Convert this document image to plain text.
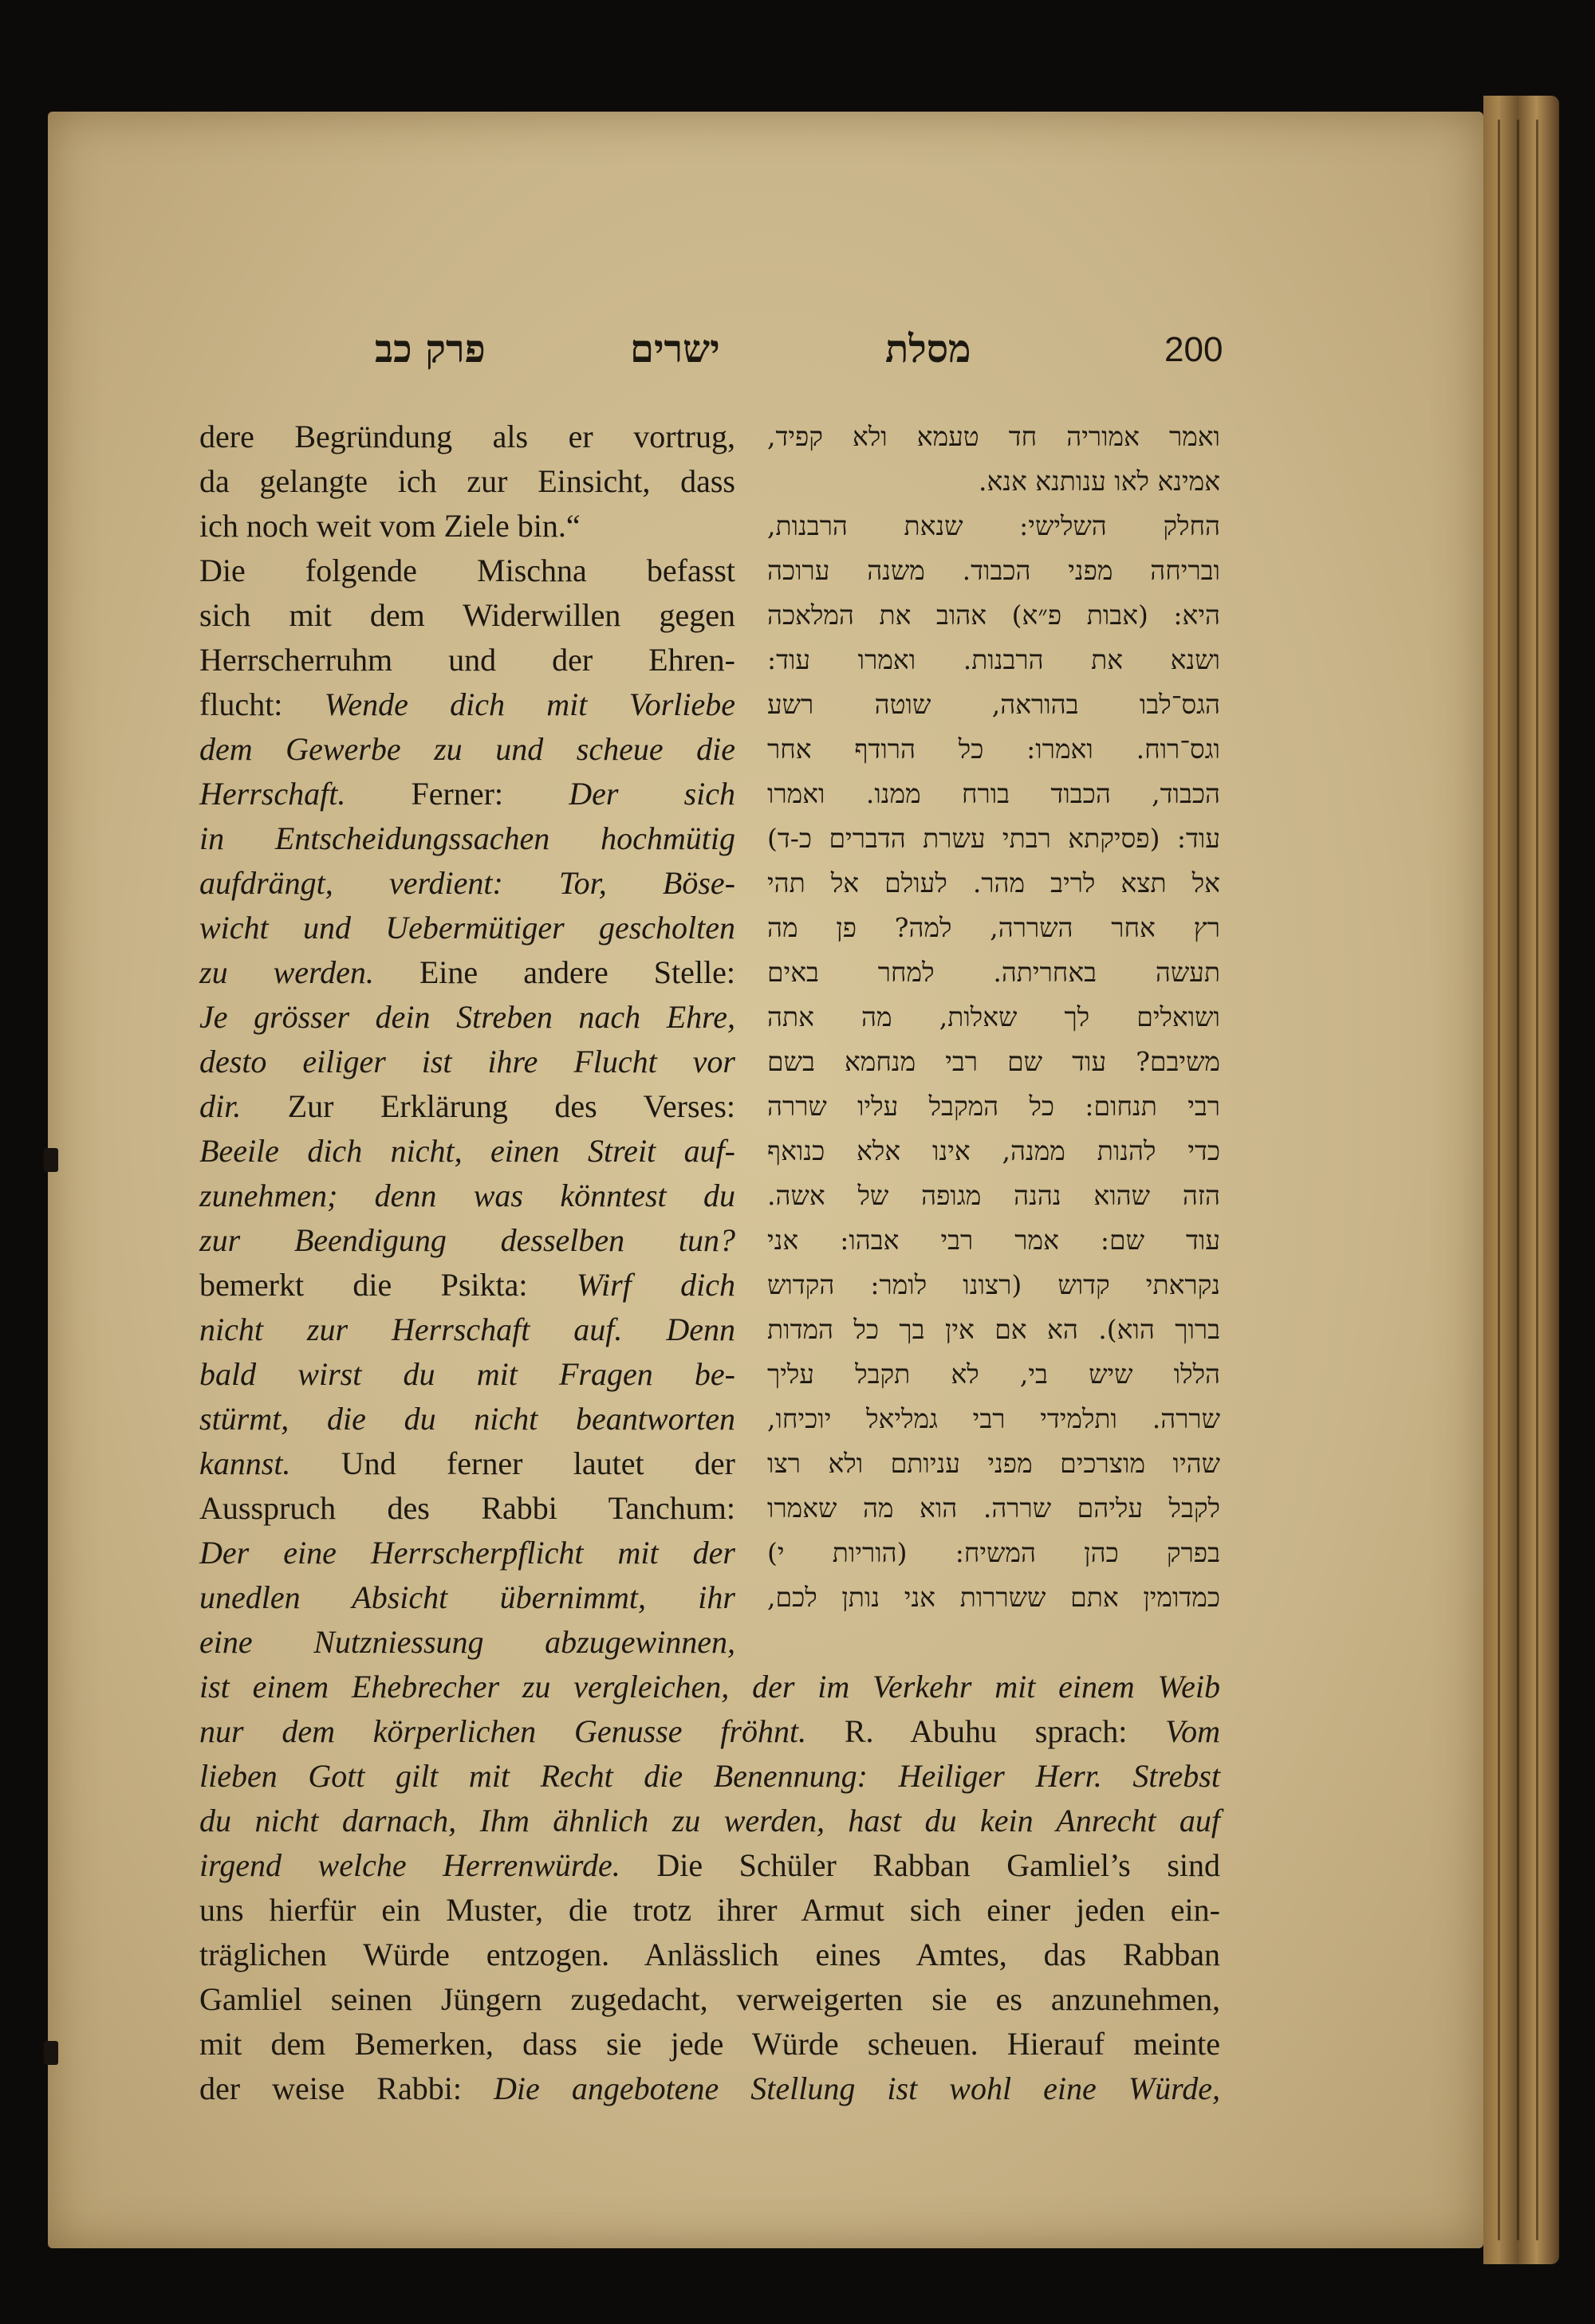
פרק כב	ישרים	מסלת	200
dere Begründung als er vortrug,
da gelangte ich zur Einsicht, dass
ich noch weit vom Ziele bin.“
Die folgende Mischna befasst
sich mit dem Widerwillen gegen
Herrscherruhm und der Ehren-
flucht: Wende dich mit Vorliebe
dem Gewerbe zu und scheue die
Herrschaft. Ferner: Der sich
in Entscheidungssachen hochmütig
aufdrängt, verdient: Tor, Böse-
wicht und Uebermütiger gescholten
zu werden. Eine andere Stelle:
Je grösser dein Streben nach Ehre,
desto eiliger ist ihre Flucht vor
dir. Zur Erklärung des Verses:
Beeile dich nicht, einen Streit auf-
zunehmen; denn was könntest du
zur Beendigung desselben tun?
bemerkt die Psikta: Wirf dich
nicht zur Herrschaft auf. Denn
bald wirst du mit Fragen be-
stürmt, die du nicht beantworten
kannst. Und ferner lautet der
Ausspruch des Rabbi Tanchum:
Der eine Herrscherpflicht mit der
unedlen Absicht übernimmt, ihr
eine Nutzniessung abzugewinnen,
ואמר אמוריה חד טעמא ולא קפיד,
אמינא לאו ענותנא אנא.
החלק השלישי: שנאת הרבנות,
ובריחה מפני הכבוד. משנה ערוכה
היא: (אבות פ״א) אהוב את המלאכה
ושנא את הרבנות. ואמרו עוד:
הגס־לבו בהוראה, שוטה רשע
וגס־רוח. ואמרו: כל הרודף אחר
הכבוד, הכבוד בורח ממנו. ואמרו
עוד: (פסיקתא רבתי עשרת הדברים כ-ד)
אל תצא לריב מהר. לעולם אל תהי
רץ אחר השררה, למה? פן מה
תעשה באחריתה. למחר באים
ושואלים לך שאלות, מה אתה
משיבם? עוד שם רבי מנחמא בשם
רבי תנחום: כל המקבל עליו שררה
כדי להנות ממנה, אינו אלא כנואף
הזה שהוא נהנה מגופה של אשה.
עוד שם: אמר רבי אבהו: אני
נקראתי קדוש (רצונו לומר: הקדוש
ברוך הוא). הא אם אין בך כל המדות
הללו שיש בי, לא תקבל עליך
שררה. ותלמידי רבי גמליאל יוכיחו,
שהיו מוצרכים מפני עניותם ולא רצו
לקבל עליהם שררה. הוא מה שאמרו
בפרק כהן המשיח: (הוריות י)
כמדומין אתם ששררות אני נותן לכם,
ist einem Ehebrecher zu vergleichen, der im Verkehr mit einem Weib
nur dem körperlichen Genusse fröhnt. R. Abuhu sprach: Vom
lieben Gott gilt mit Recht die Benennung: Heiliger Herr. Strebst
du nicht darnach, Ihm ähnlich zu werden, hast du kein Anrecht auf
irgend welche Herrenwürde. Die Schüler Rabban Gamliel’s sind
uns hierfür ein Muster, die trotz ihrer Armut sich einer jeden ein-
träglichen Würde entzogen. Anlässlich eines Amtes, das Rabban
Gamliel seinen Jüngern zugedacht, verweigerten sie es anzunehmen,
mit dem Bemerken, dass sie jede Würde scheuen. Hierauf meinte
der weise Rabbi: Die angebotene Stellung ist wohl eine Würde,
